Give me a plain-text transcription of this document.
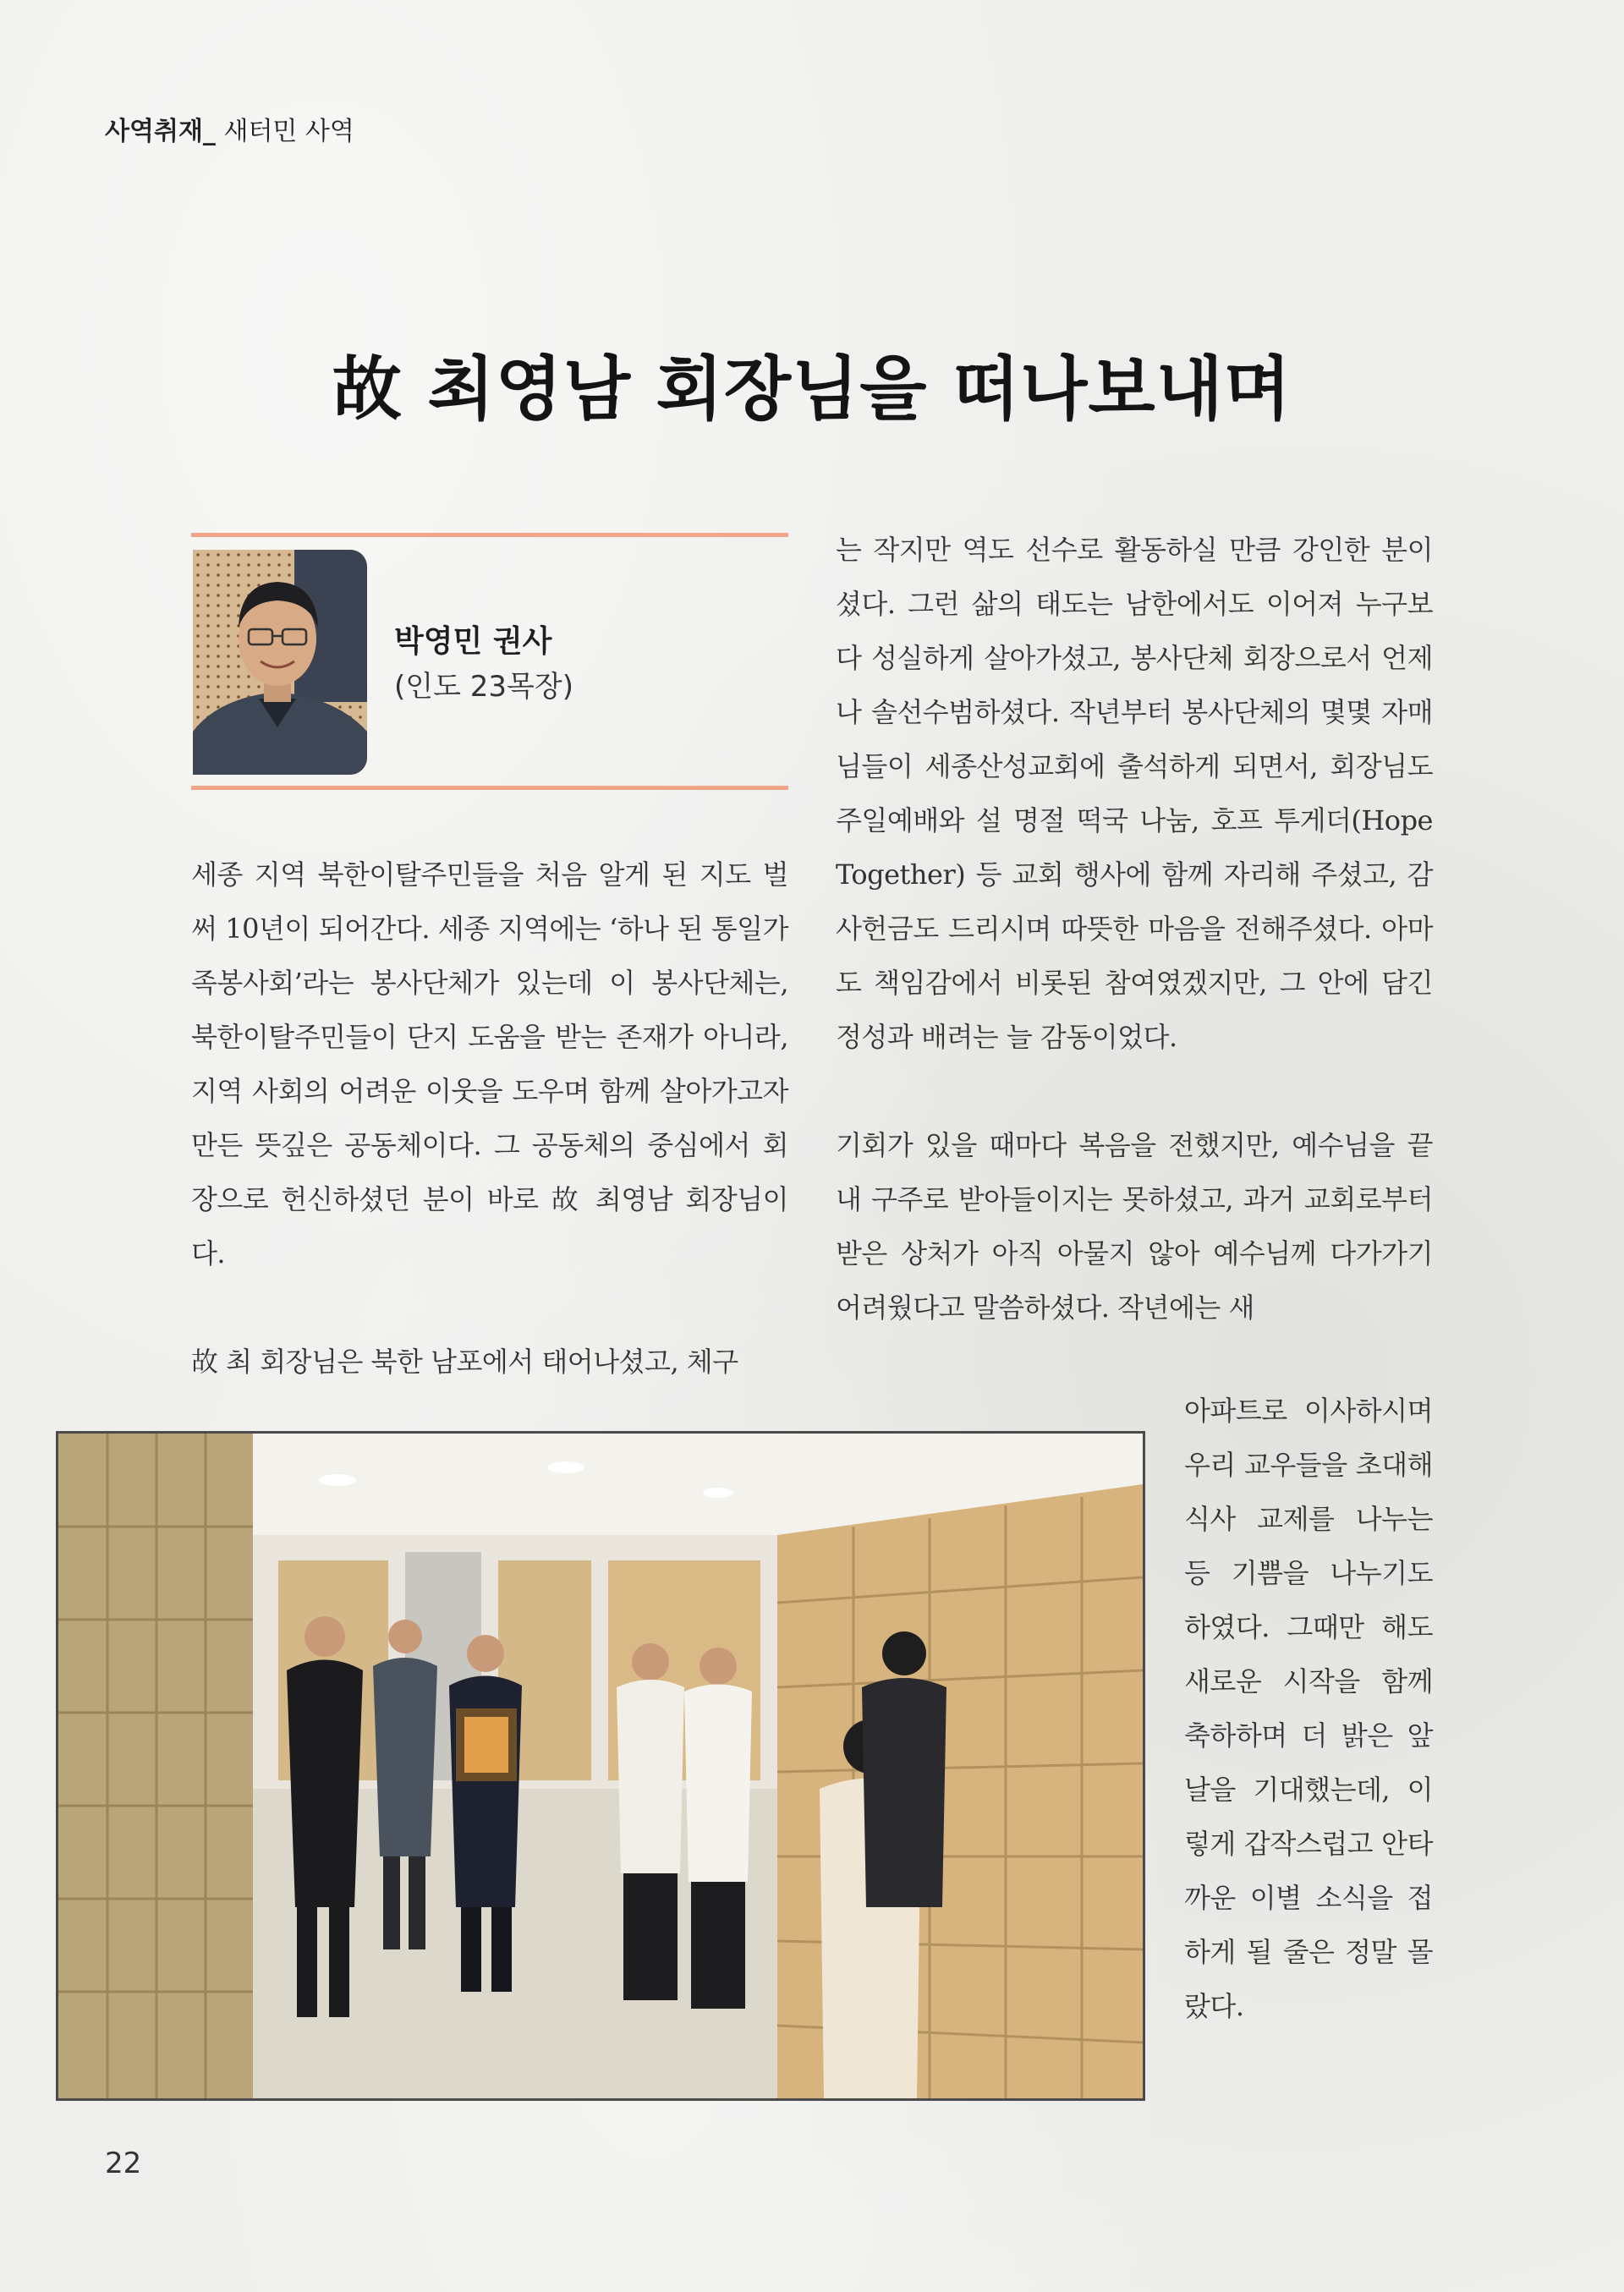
사역취재_ 새터민 사역
故 최영남 회장님을 떠나보내며
박영민 권사
(인도 23목장)

세종 지역 북한이탈주민들을 처음 알게 된 지도 벌써 10년이 되어간다. 세종 지역에는 ‘하나 된 통일가족봉사회’라는 봉사단체가 있는데 이 봉사단체는, 북한이탈주민들이 단지 도움을 받는 존재가 아니라, 지역 사회의 어려운 이웃을 도우며 함께 살아가고자 만든 뜻깊은 공동체이다. 그 공동체의 중심에서 회장으로 헌신하셨던 분이 바로 故 최영남 회장님이다.

故 최 회장님은 북한 남포에서 태어나셨고, 체구

는 작지만 역도 선수로 활동하실 만큼 강인한 분이셨다. 그런 삶의 태도는 남한에서도 이어져 누구보다 성실하게 살아가셨고, 봉사단체 회장으로서 언제나 솔선수범하셨다. 작년부터 봉사단체의 몇몇 자매님들이 세종산성교회에 출석하게 되면서, 회장님도 주일예배와 설 명절 떡국 나눔, 호프 투게더(Hope Together) 등 교회 행사에 함께 자리해 주셨고, 감사헌금도 드리시며 따뜻한 마음을 전해주셨다. 아마도 책임감에서 비롯된 참여였겠지만, 그 안에 담긴 정성과 배려는 늘 감동이었다.

기회가 있을 때마다 복음을 전했지만, 예수님을 끝내 구주로 받아들이지는 못하셨고, 과거 교회로부터 받은 상처가 아직 아물지 않아 예수님께 다가가기 어려웠다고 말씀하셨다. 작년에는 새

아파트로 이사하시며 우리 교우들을 초대해 식사 교제를 나누는 등 기쁨을 나누기도 하였다. 그때만 해도 새로운 시작을 함께 축하하며 더 밝은 앞날을 기대했는데, 이렇게 갑작스럽고 안타까운 이별 소식을 접하게 될 줄은 정말 몰랐다.

22
